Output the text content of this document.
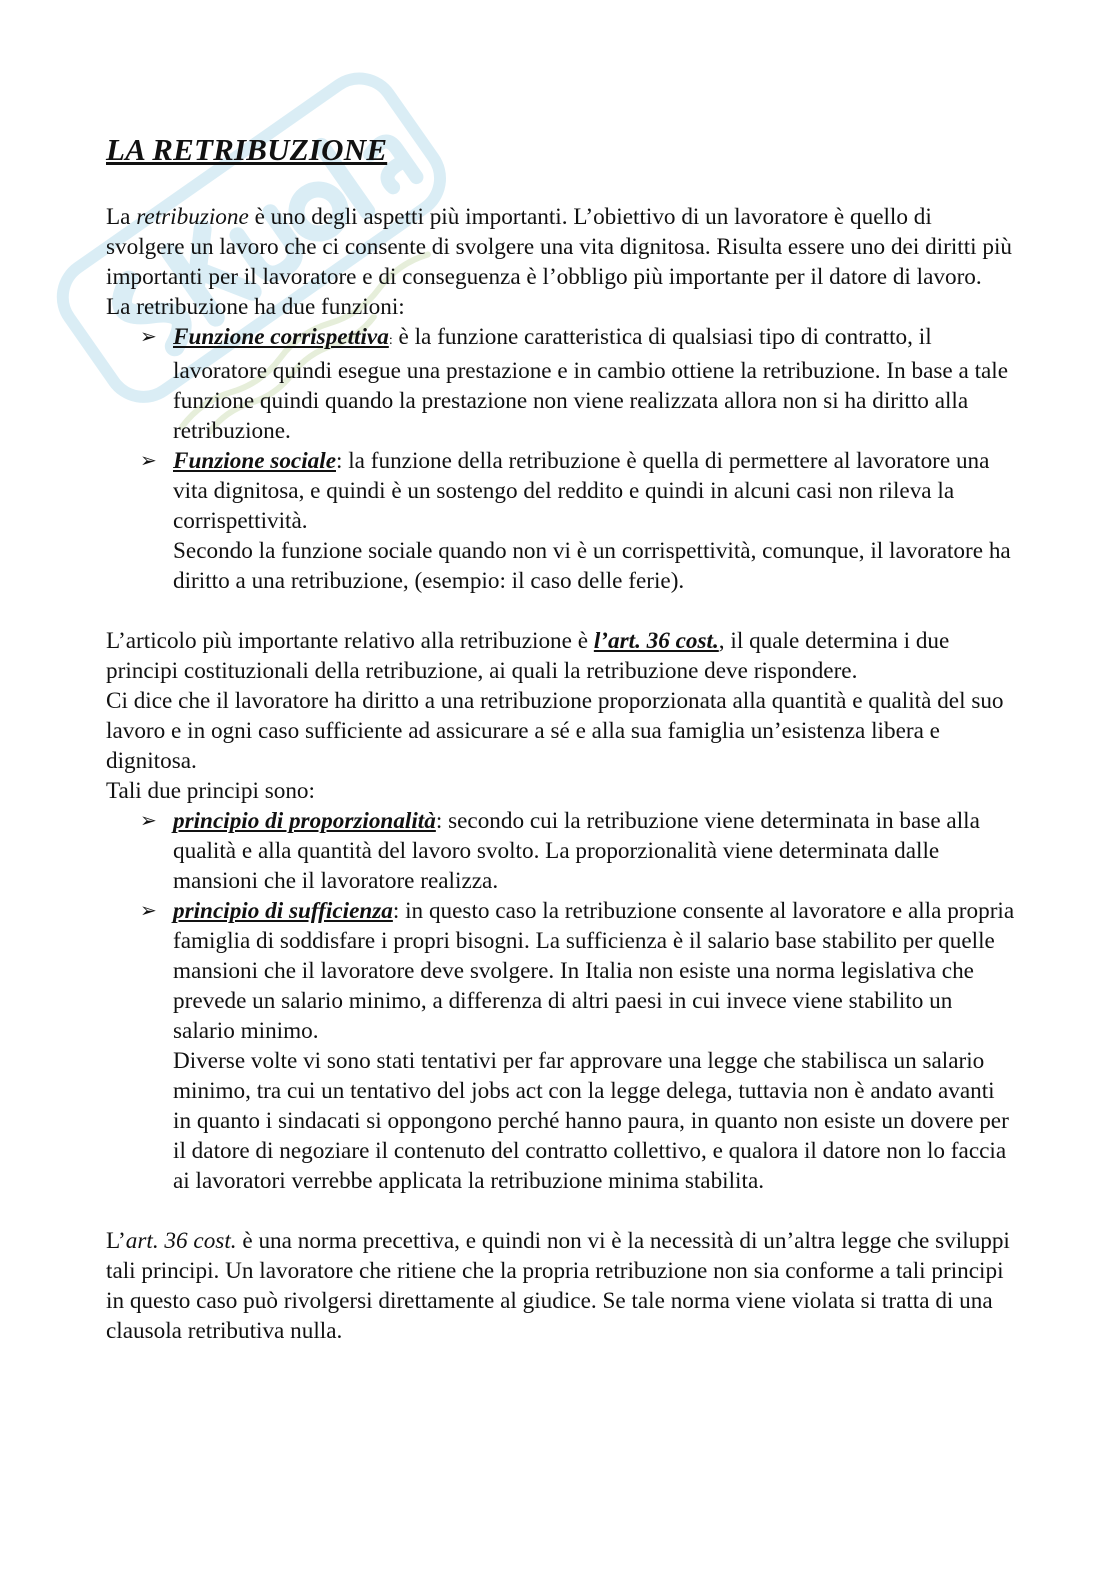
LA RETRIBUZIONE

La retribuzione è uno degli aspetti più importanti. L’obiettivo di un lavoratore è quello di svolgere un lavoro che ci consente di svolgere una vita dignitosa. Risulta essere uno dei diritti più importanti per il lavoratore e di conseguenza è l’obbligo più importante per il datore di lavoro.

La retribuzione ha due funzioni:

➢ Funzione corrispettiva: è la funzione caratteristica di qualsiasi tipo di contratto, il lavoratore quindi esegue una prestazione e in cambio ottiene la retribuzione. In base a tale funzione quindi quando la prestazione non viene realizzata allora non si ha diritto alla retribuzione.
➢ Funzione sociale: la funzione della retribuzione è quella di permettere al lavoratore una vita dignitosa, e quindi è un sostengo del reddito e quindi in alcuni casi non rileva la corrispettività.
Secondo la funzione sociale quando non vi è un corrispettività, comunque, il lavoratore ha diritto a una retribuzione, (esempio: il caso delle ferie).

L’articolo più importante relativo alla retribuzione è l’art. 36 cost., il quale determina i due principi costituzionali della retribuzione, ai quali la retribuzione deve rispondere.

Ci dice che il lavoratore ha diritto a una retribuzione proporzionata alla quantità e qualità del suo lavoro e in ogni caso sufficiente ad assicurare a sé e alla sua famiglia un’esistenza libera e dignitosa.

Tali due principi sono:

➢ principio di proporzionalità: secondo cui la retribuzione viene determinata in base alla qualità e alla quantità del lavoro svolto. La proporzionalità viene determinata dalle mansioni che il lavoratore realizza.
➢ principio di sufficienza: in questo caso la retribuzione consente al lavoratore e alla propria famiglia di soddisfare i propri bisogni. La sufficienza è il salario base stabilito per quelle mansioni che il lavoratore deve svolgere. In Italia non esiste una norma legislativa che prevede un salario minimo, a differenza di altri paesi in cui invece viene stabilito un salario minimo.
Diverse volte vi sono stati tentativi per far approvare una legge che stabilisca un salario minimo, tra cui un tentativo del jobs act con la legge delega, tuttavia non è andato avanti in quanto i sindacati si oppongono perché hanno paura, in quanto non esiste un dovere per il datore di negoziare il contenuto del contratto collettivo, e qualora il datore non lo faccia ai lavoratori verrebbe applicata la retribuzione minima stabilita.

L’art. 36 cost. è una norma precettiva, e quindi non vi è la necessità di un’altra legge che sviluppi tali principi. Un lavoratore che ritiene che la propria retribuzione non sia conforme a tali principi in questo caso può rivolgersi direttamente al giudice. Se tale norma viene violata si tratta di una clausola retributiva nulla.
